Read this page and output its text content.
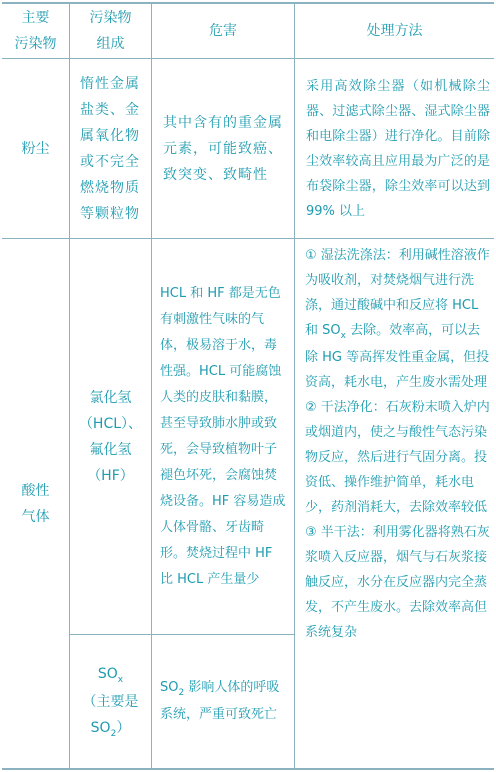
主要
污染物
污染物
组成
危害	处理方法
粉尘
惰性金属盐类、金属氧化物或不完全燃烧物质等颗粒物
其中含有的重金属元素，可能致癌、致突变、致畸性
采用高效除尘器（如机械除尘器、过滤式除尘器、湿式除尘器和电除尘器）进行净化。目前除尘效率较高且应用最为广泛的是布袋除尘器，除尘效率可以达到 99% 以上
酸性
气体
氯化氢
（HCL）、
氟化氢
（HF）
HCL 和 HF 都是无色有刺激性气味的气体，极易溶于水，毒性强。HCL 可能腐蚀人类的皮肤和黏膜，甚至导致肺水肿或致死，会导致植物叶子褪色坏死，会腐蚀焚烧设备。HF 容易造成人体骨骼、牙齿畸形。焚烧过程中 HF 比 HCL 产生量少
$SO_x$
（主要是
$SO_2$）
$SO_2$ 影响人体的呼吸系统，严重可致死亡
① 湿法洗涤法：利用碱性溶液作为吸收剂，对焚烧烟气进行洗涤，通过酸碱中和反应将 HCL 和 $SO_x$ 去除。效率高，可以去除 HG 等高挥发性重金属，但投资高，耗水电，产生废水需处理
② 干法净化：石灰粉末喷入炉内或烟道内，使之与酸性气态污染物反应，然后进行气固分离。投资低、操作维护简单，耗水电少，药剂消耗大，去除效率较低
③ 半干法：利用雾化器将熟石灰浆喷入反应器，烟气与石灰浆接触反应，水分在反应器内完全蒸发，不产生废水。去除效率高但系统复杂
